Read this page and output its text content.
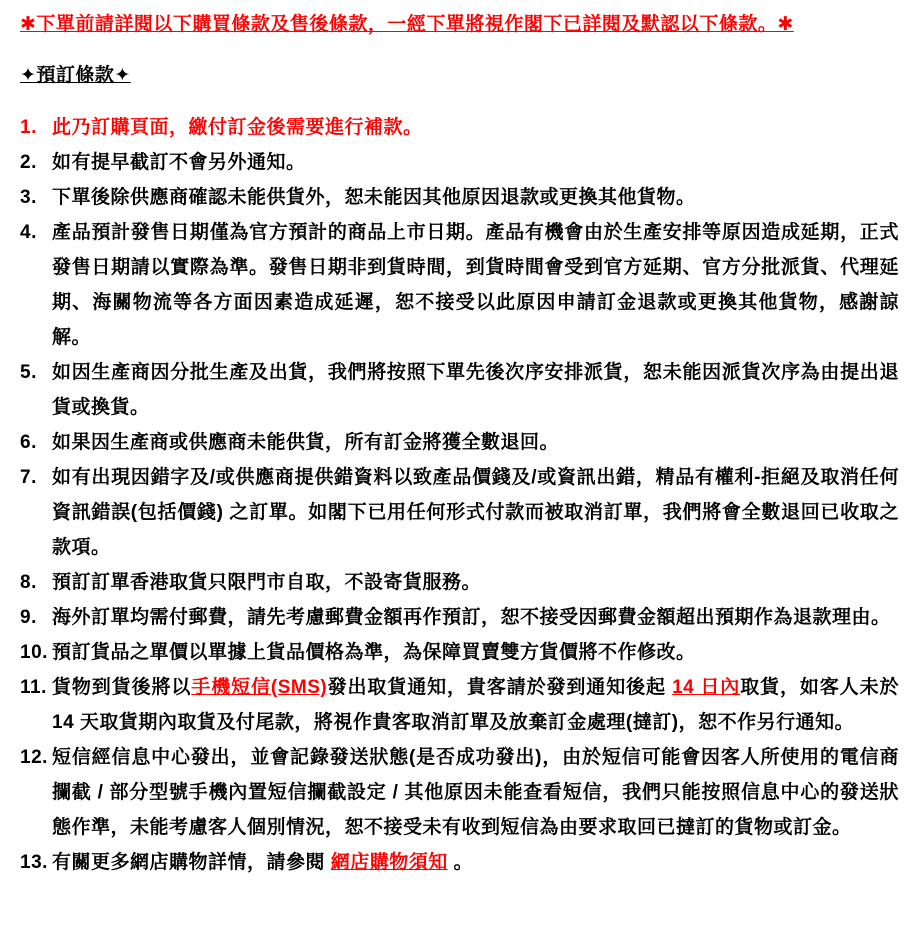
✱下單前請詳閱以下購買條款及售後條款，一經下單將視作閣下已詳閱及默認以下條款。✱
✦預訂條款✦
1. 此乃訂購頁面，繳付訂金後需要進行補款。
2. 如有提早截訂不會另外通知。
3. 下單後除供應商確認未能供貨外，恕未能因其他原因退款或更換其他貨物。
4. 產品預計發售日期僅為官方預計的商品上市日期。產品有機會由於生產安排等原因造成延期，正式發售日期請以實際為準。發售日期非到貨時間，到貨時間會受到官方延期、官方分批派貨、代理延期、海關物流等各方面因素造成延遲，恕不接受以此原因申請訂金退款或更換其他貨物，感謝諒解。
5. 如因生產商因分批生產及出貨，我們將按照下單先後次序安排派貨，恕未能因派貨次序為由提出退貨或換貨。
6. 如果因生產商或供應商未能供貨，所有訂金將獲全數退回。
7. 如有出現因錯字及/或供應商提供錯資料以致產品價錢及/或資訊出錯，精品有權利-拒絕及取消任何資訊錯誤(包括價錢) 之訂單。如閣下已用任何形式付款而被取消訂單，我們將會全數退回已收取之款項。
8. 預訂訂單香港取貨只限門市自取，不設寄貨服務。
9. 海外訂單均需付郵費，請先考慮郵費金額再作預訂，恕不接受因郵費金額超出預期作為退款理由。
10. 預訂貨品之單價以單據上貨品價格為準，為保障買賣雙方貨價將不作修改。
11. 貨物到貨後將以手機短信(SMS)發出取貨通知，貴客請於發到通知後起 14 日內取貨，如客人未於 14 天取貨期內取貨及付尾款，將視作貴客取消訂單及放棄訂金處理(撻訂)，恕不作另行通知。
12. 短信經信息中心發出，並會記錄發送狀態(是否成功發出)，由於短信可能會因客人所使用的電信商攔截 / 部分型號手機內置短信攔截設定 / 其他原因未能查看短信，我們只能按照信息中心的發送狀態作準，未能考慮客人個別情況，恕不接受未有收到短信為由要求取回已撻訂的貨物或訂金。
13. 有關更多網店購物詳情，請參閱 網店購物須知 。
